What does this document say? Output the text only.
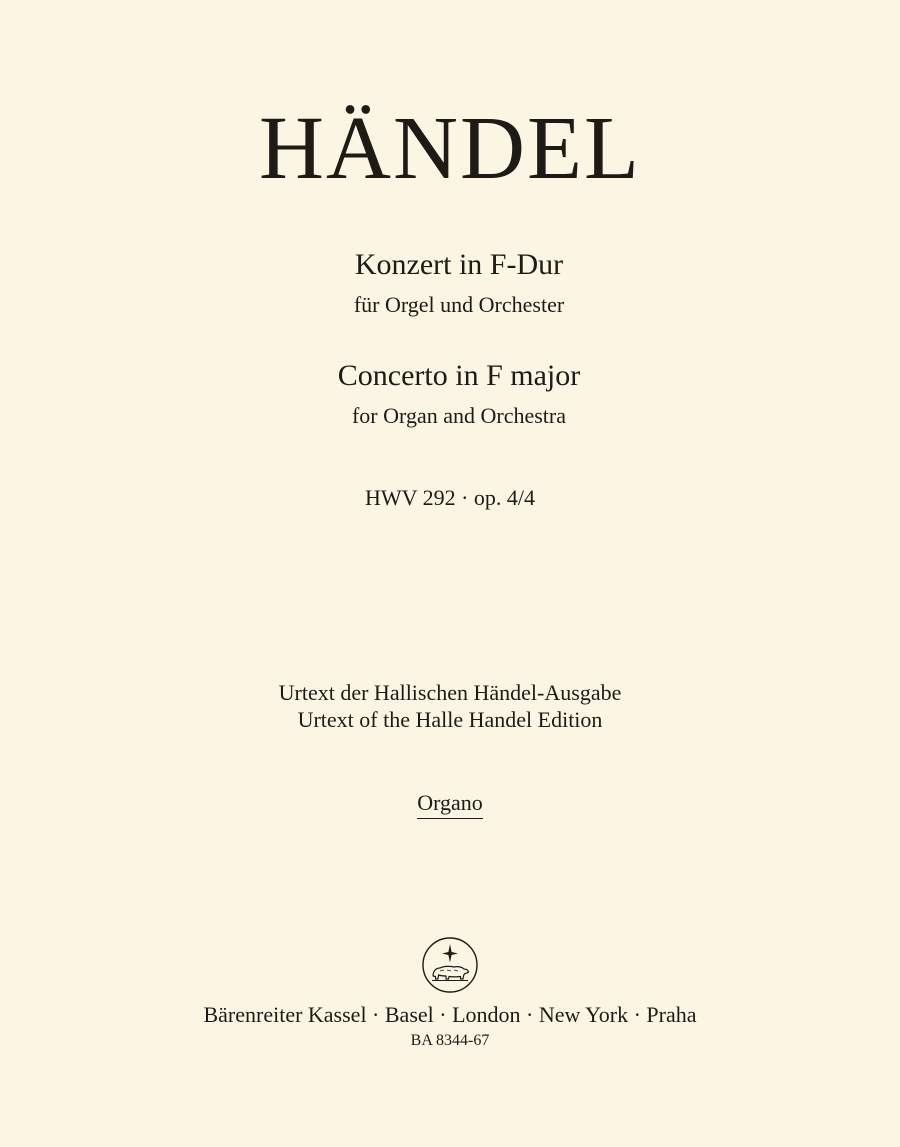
HÄNDEL
Konzert in F-Dur
für Orgel und Orchester
Concerto in F major
for Organ and Orchestra
HWV 292 · op. 4/4
Urtext der Hallischen Händel-Ausgabe
Urtext of the Halle Handel Edition
Organo
Bärenreiter Kassel · Basel · London · New York · Praha
BA 8344-67
